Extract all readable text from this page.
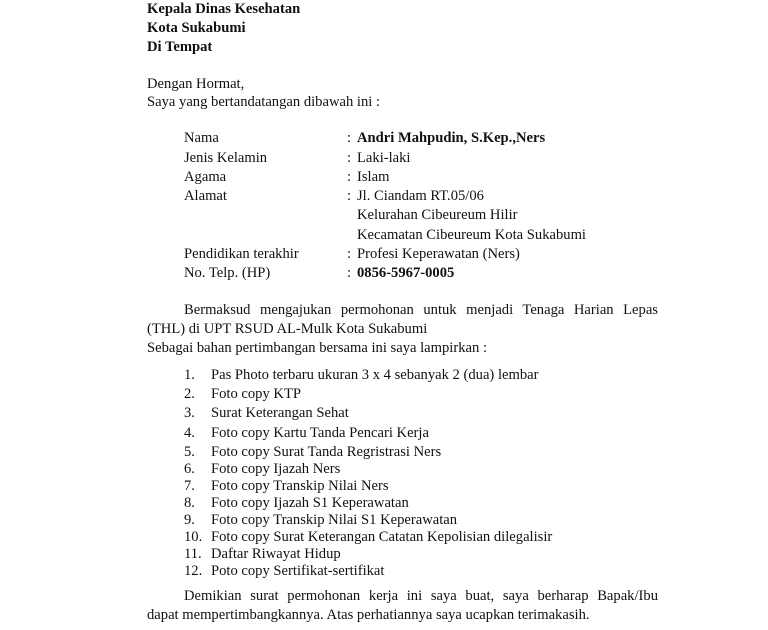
Kepala Dinas Kesehatan
Kota Sukabumi
Di Tempat
Dengan Hormat,
Saya yang bertandatangan dibawah ini :
Nama	: Andri Mahpudin, S.Kep.,Ners
Jenis Kelamin	: Laki-laki
Agama	: Islam
Alamat	: Jl. Ciandam RT.05/06
Kelurahan Cibeureum Hilir
Kecamatan Cibeureum Kota Sukabumi
Pendidikan terakhir	: Profesi Keperawatan (Ners)
No. Telp. (HP)	: 0856-5967-0005
Bermaksud mengajukan permohonan untuk menjadi Tenaga Harian Lepas
(THL) di UPT RSUD AL-Mulk Kota Sukabumi
Sebagai bahan pertimbangan bersama ini saya lampirkan :
1. Pas Photo terbaru ukuran 3 x 4 sebanyak 2 (dua) lembar
2. Foto copy KTP
3. Surat Keterangan Sehat
4. Foto copy Kartu Tanda Pencari Kerja
5. Foto copy Surat Tanda Regristrasi Ners
6. Foto copy Ijazah Ners
7. Foto copy Transkip Nilai Ners
8. Foto copy Ijazah S1 Keperawatan
9. Foto copy Transkip Nilai S1 Keperawatan
10. Foto copy Surat Keterangan Catatan Kepolisian dilegalisir
11. Daftar Riwayat Hidup
12. Poto copy Sertifikat-sertifikat
Demikian surat permohonan kerja ini saya buat, saya berharap Bapak/Ibu
dapat mempertimbangkannya. Atas perhatiannya saya ucapkan terimakasih.
